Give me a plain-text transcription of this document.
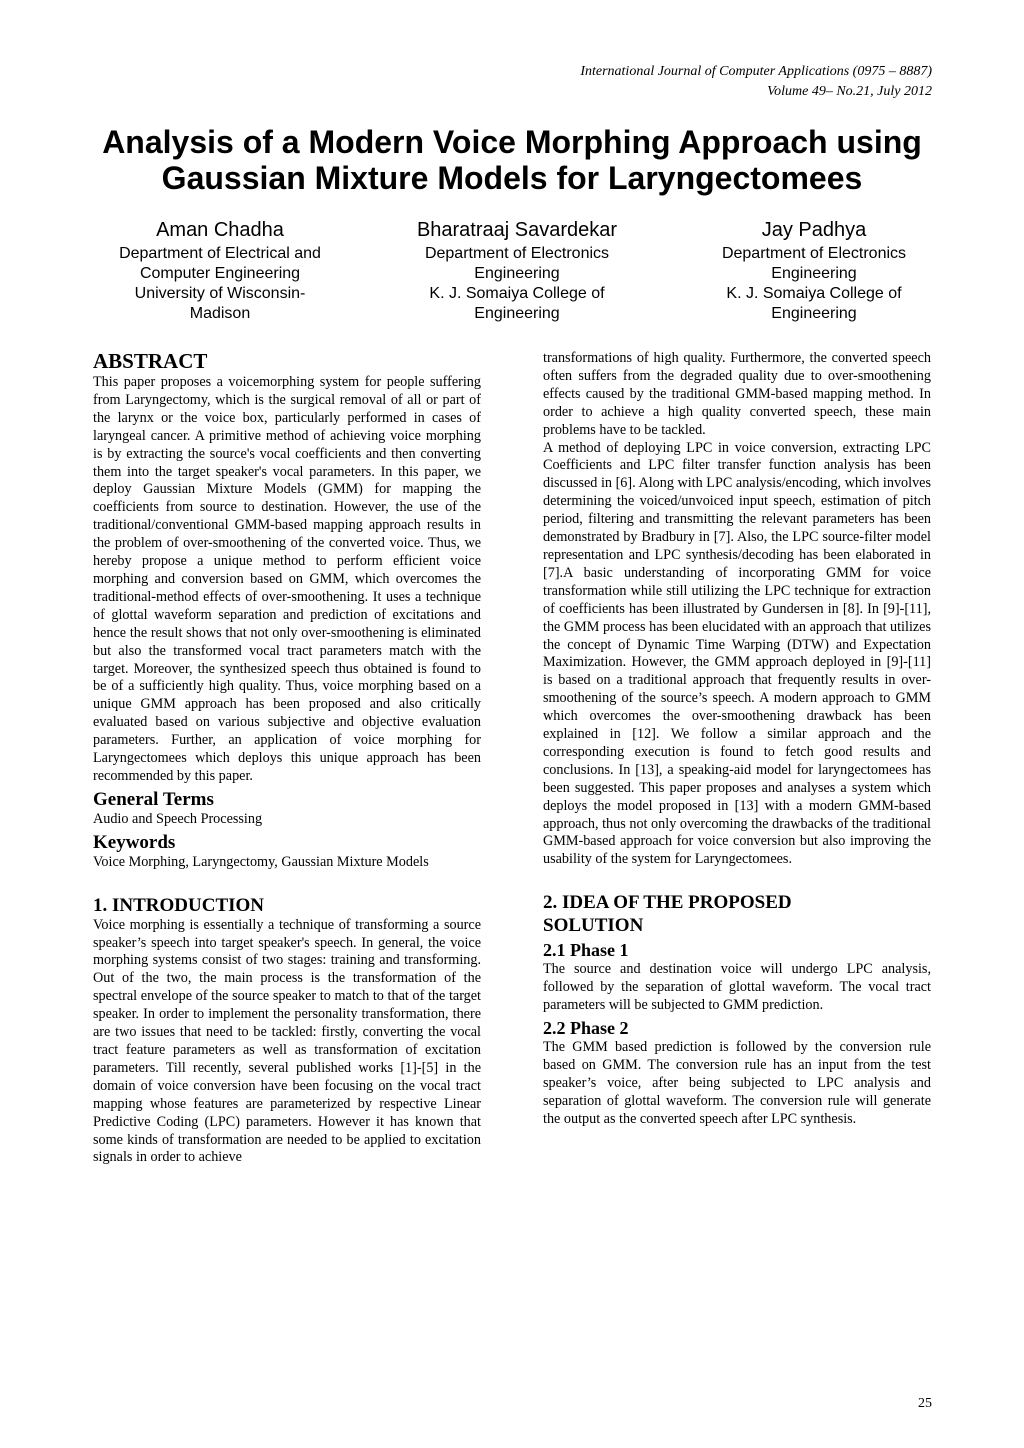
International Journal of Computer Applications (0975 – 8887)
Volume 49– No.21, July 2012
Analysis of a Modern Voice Morphing Approach using
Gaussian Mixture Models for Laryngectomees
Aman Chadha
Department of Electrical and
Computer Engineering
University of Wisconsin-
Madison
Bharatraaj Savardekar
Department of Electronics
Engineering
K. J. Somaiya College of
Engineering
Jay Padhya
Department of Electronics
Engineering
K. J. Somaiya College of
Engineering
ABSTRACT

This paper proposes a voicemorphing system for people suffering from Laryngectomy, which is the surgical removal of all or part of the larynx or the voice box, particularly performed in cases of laryngeal cancer. A primitive method of achieving voice morphing is by extracting the source's vocal coefficients and then converting them into the target speaker's vocal parameters. In this paper, we deploy Gaussian Mixture Models (GMM) for mapping the coefficients from source to destination. However, the use of the traditional/conventional GMM-based mapping approach results in the problem of over-smoothening of the converted voice. Thus, we hereby propose a unique method to perform efficient voice morphing and conversion based on GMM, which overcomes the traditional-method effects of over-smoothening. It uses a technique of glottal waveform separation and prediction of excitations and hence the result shows that not only over-smoothening is eliminated but also the transformed vocal tract parameters match with the target. Moreover, the synthesized speech thus obtained is found to be of a sufficiently high quality. Thus, voice morphing based on a unique GMM approach has been proposed and also critically evaluated based on various subjective and objective evaluation parameters. Further, an application of voice morphing for Laryngectomees which deploys this unique approach has been recommended by this paper.

General Terms

Audio and Speech Processing

Keywords

Voice Morphing, Laryngectomy, Gaussian Mixture Models

1. INTRODUCTION

Voice morphing is essentially a technique of transforming a source speaker’s speech into target speaker's speech. In general, the voice morphing systems consist of two stages: training and transforming. Out of the two, the main process is the transformation of the spectral envelope of the source speaker to match to that of the target speaker. In order to implement the personality transformation, there are two issues that need to be tackled: firstly, converting the vocal tract feature parameters as well as transformation of excitation parameters. Till recently, several published works [1]-[5] in the domain of voice conversion have been focusing on the vocal tract mapping whose features are parameterized by respective Linear Predictive Coding (LPC) parameters. However it has known that some kinds of transformation are needed to be applied to excitation signals in order to achieve

transformations of high quality. Furthermore, the converted speech often suffers from the degraded quality due to over-smoothening effects caused by the traditional GMM-based mapping method. In order to achieve a high quality converted speech, these main problems have to be tackled.

A method of deploying LPC in voice conversion, extracting LPC Coefficients and LPC filter transfer function analysis has been discussed in [6]. Along with LPC analysis/encoding, which involves determining the voiced/unvoiced input speech, estimation of pitch period, filtering and transmitting the relevant parameters has been demonstrated by Bradbury in [7]. Also, the LPC source-filter model representation and LPC synthesis/decoding has been elaborated in [7].A basic understanding of incorporating GMM for voice transformation while still utilizing the LPC technique for extraction of coefficients has been illustrated by Gundersen in [8]. In [9]-[11], the GMM process has been elucidated with an approach that utilizes the concept of Dynamic Time Warping (DTW) and Expectation Maximization. However, the GMM approach deployed in [9]-[11] is based on a traditional approach that frequently results in over-smoothening of the source’s speech. A modern approach to GMM which overcomes the over-smoothening drawback has been explained in [12]. We follow a similar approach and the corresponding execution is found to fetch good results and conclusions. In [13], a speaking-aid model for laryngectomees has been suggested. This paper proposes and analyses a system which deploys the model proposed in [13] with a modern GMM-based approach, thus not only overcoming the drawbacks of the traditional GMM-based approach for voice conversion but also improving the usability of the system for Laryngectomees.

2. IDEA OF THE PROPOSED
SOLUTION
2.1 Phase 1

The source and destination voice will undergo LPC analysis, followed by the separation of glottal waveform. The vocal tract parameters will be subjected to GMM prediction.

2.2 Phase 2

The GMM based prediction is followed by the conversion rule based on GMM. The conversion rule has an input from the test speaker’s voice, after being subjected to LPC analysis and separation of glottal waveform. The conversion rule will generate the output as the converted speech after LPC synthesis.

25
